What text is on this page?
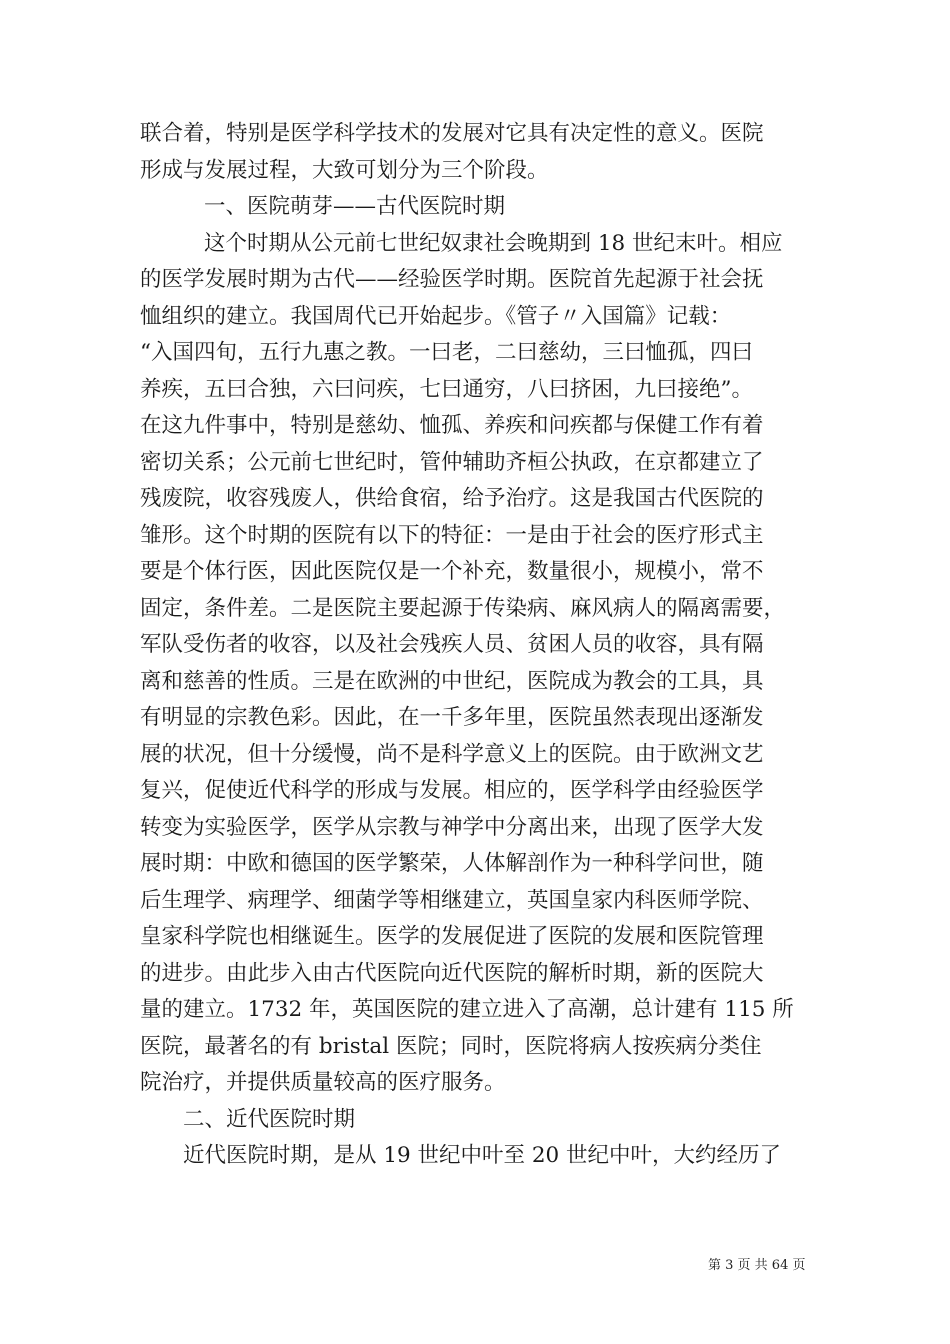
联合着，特别是医学科学技术的发展对它具有决定性的意义。医院
形成与发展过程，大致可划分为三个阶段。
一、医院萌芽——古代医院时期
这个时期从公元前七世纪奴隶社会晚期到 18 世纪末叶。相应
的医学发展时期为古代——经验医学时期。医院首先起源于社会抚
恤组织的建立。我国周代已开始起步。《管子〃入国篇》记载：
“入国四旬，五行九惠之教。一曰老，二曰慈幼，三曰恤孤，四曰
养疾，五曰合独，六曰问疾，七曰通穷，八曰挤困，九曰接绝”。
在这九件事中，特别是慈幼、恤孤、养疾和问疾都与保健工作有着
密切关系；公元前七世纪时，管仲辅助齐桓公执政，在京都建立了
残废院，收容残废人，供给食宿，给予治疗。这是我国古代医院的
雏形。这个时期的医院有以下的特征：一是由于社会的医疗形式主
要是个体行医，因此医院仅是一个补充，数量很小，规模小，常不
固定，条件差。二是医院主要起源于传染病、麻风病人的隔离需要，
军队受伤者的收容，以及社会残疾人员、贫困人员的收容，具有隔
离和慈善的性质。三是在欧洲的中世纪，医院成为教会的工具，具
有明显的宗教色彩。因此，在一千多年里，医院虽然表现出逐渐发
展的状况，但十分缓慢，尚不是科学意义上的医院。由于欧洲文艺
复兴，促使近代科学的形成与发展。相应的，医学科学由经验医学
转变为实验医学，医学从宗教与神学中分离出来，出现了医学大发
展时期：中欧和德国的医学繁荣，人体解剖作为一种科学问世，随
后生理学、病理学、细菌学等相继建立，英国皇家内科医师学院、
皇家科学院也相继诞生。医学的发展促进了医院的发展和医院管理
的进步。由此步入由古代医院向近代医院的解析时期，新的医院大
量的建立。1732 年，英国医院的建立进入了高潮，总计建有 115 所
医院，最著名的有 bristal 医院；同时，医院将病人按疾病分类住
院治疗，并提供质量较高的医疗服务。
二、近代医院时期
近代医院时期，是从 19 世纪中叶至 20 世纪中叶，大约经历了
第 3 页 共 64 页
